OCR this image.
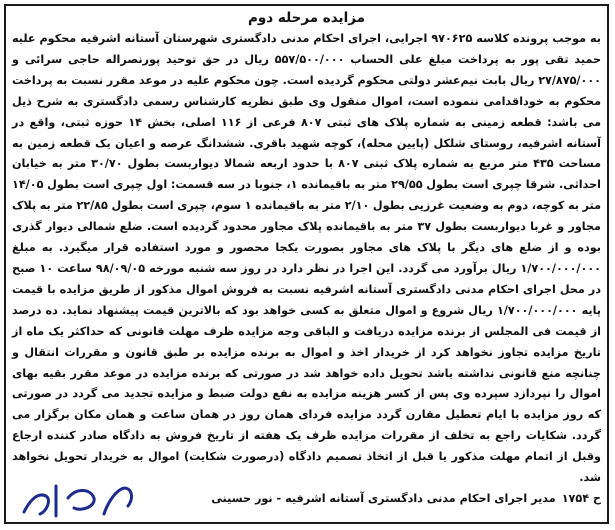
مزایده مرحله دوم

به موجب پرونده کلاسه ۹۷۰۶۲۵ اجرایی، اجرای احکام مدنی دادگستری شهرستان آستانه اشرفیه محکوم علیه حمید تقی پور به پرداخت مبلغ علی الحساب ۵۵۷/۵۰۰/۰۰۰ ریال در حق توحید پورنصراله حاجی سرائی و ۲۷/۸۷۵/۰۰۰ ریال بابت نیم‌عشر دولتی محکوم گردیده است. چون محکوم علیه در موعد مقرر نسبت به پرداخت محکوم به خوداقدامی ننموده است، اموال منقول وی طبق نظریه کارشناس رسمی دادگستری به شرح ذیل می باشد: قطعه زمینی به شماره پلاک های ثبتی ۸۰۷ فرعی از ۱۱۶ اصلی، بخش ۱۴ حوزه ثبتی، واقع در آستانه اشرفیه، روستای شلکل (پایین محله)، کوچه شهید باقری. ششدانگ عرصه و اعیان یک قطعه زمین به مساحت ۴۳۵ متر مربع به شماره پلاک ثبتی ۸۰۷ با حدود اربعه شمالا دیواربست بطول ۳۰/۷۰ متر به خیابان احداثی. شرقا چپری است بطول ۲۹/۵۵ متر به باقیمانده ۱، جنوبا در سه قسمت: اول چپری است بطول ۱۴/۰۵ متر به کوچه، دوم به وضعیت غرزیی بطول ۲/۱۰ متر به باقیمانده ۱ سوم، چپری است بطول ۲۲/۸۵ متر به پلاک مجاور و غربا دیواربست بطول ۳۷ متر به باقیمانده پلاک مجاور محدود گردیده است. ضلع شمالی دیوار گذری بوده و از ضلع های دیگر با پلاک های مجاور بصورت یکجا محصور و مورد استفاده قرار میگیرد. به مبلغ ۱/۷۰۰/۰۰۰/۰۰۰ ریال برآورد می گردد. این اجرا در نظر دارد در روز سه شنبه مورخه ۹۸/۰۹/۰۵ ساعت ۱۰ صبح در محل اجرای احکام مدنی دادگستری آستانه اشرفیه نسبت به فروش اموال مذکور از طریق مزایده با قیمت پایه ۱/۷۰۰/۰۰۰/۰۰۰ ریال شروع و اموال متعلق به کسی خواهد بود که بالاترین قیمت پیشنهاد نماید. ده درصد از قیمت فی المجلس از برنده مزایده دریافت و الباقی وجه مزایده ظرف مهلت قانونی که حداکثر یک ماه از تاریخ مزایده تجاوز نخواهد کرد از خریدار اخذ و اموال به برنده مزایده بر طبق قانون و مقررات انتقال و چنانچه منع قانونی نداشته باشد تحویل داده خواهد شد در صورتی که برنده مزایده در موعد مقرر بقیه بهای اموال را نپردازد سپرده وی پس از کسر هزینه مزایده به نفع دولت ضبط و مزایده تجدید می گردد در صورتی که روز مزایده با ایام تعطیل مقارن گردد مزایده فردای همان روز در همان ساعت و همان مکان برگزار می گردد. شکایات راجع به تخلف از مقررات مزایده ظرف یک هفته از تاریخ فروش به دادگاه صادر کننده ارجاع وقبل از اتمام مهلت مذکور یا قبل از اتخاذ تصمیم دادگاه (درصورت شکایت) اموال به خریدار تحویل نخواهد شد.

ح ۱۷۵۴
مدیر اجرای احکام مدنی دادگستری آستانه اشرفیه - نور حسینی
